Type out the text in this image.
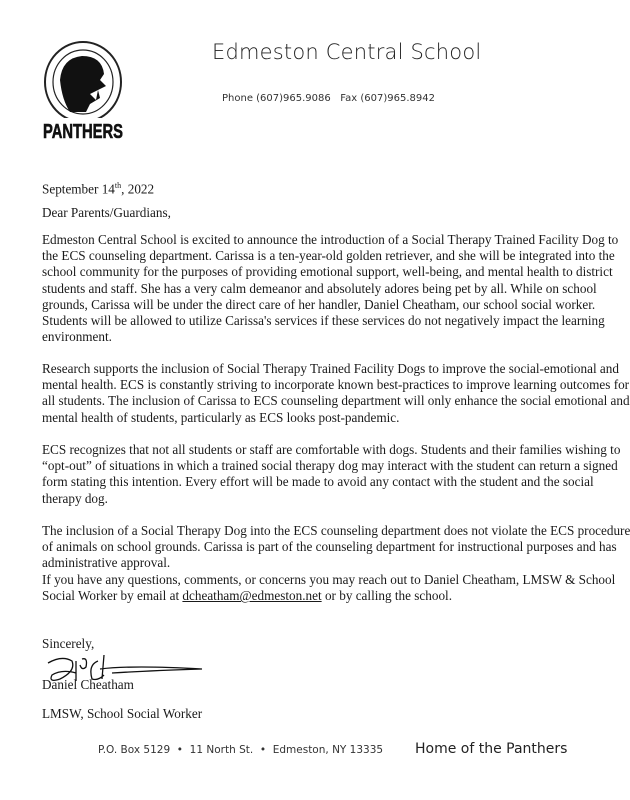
PANTHERS
Edmeston Central School
Phone (607)965.9086   Fax (607)965.8942
September 14th, 2022
Dear Parents/Guardians,
Edmeston Central School is excited to announce the introduction of a Social Therapy Trained Facility Dog to
the ECS counseling department. Carissa is a ten-year-old golden retriever, and she will be integrated into the
school community for the purposes of providing emotional support, well-being, and mental health to district
students and staff. She has a very calm demeanor and absolutely adores being pet by all. While on school
grounds, Carissa will be under the direct care of her handler, Daniel Cheatham, our school social worker.
Students will be allowed to utilize Carissa's services if these services do not negatively impact the learning
environment.
Research supports the inclusion of Social Therapy Trained Facility Dogs to improve the social-emotional and
mental health. ECS is constantly striving to incorporate known best-practices to improve learning outcomes for
all students. The inclusion of Carissa to ECS counseling department will only enhance the social emotional and
mental health of students, particularly as ECS looks post-pandemic.
ECS recognizes that not all students or staff are comfortable with dogs. Students and their families wishing to
“opt-out” of situations in which a trained social therapy dog may interact with the student can return a signed
form stating this intention. Every effort will be made to avoid any contact with the student and the social
therapy dog.
The inclusion of a Social Therapy Dog into the ECS counseling department does not violate the ECS procedure
of animals on school grounds. Carissa is part of the counseling department for instructional purposes and has
administrative approval.
If you have any questions, comments, or concerns you may reach out to Daniel Cheatham, LMSW & School
Social Worker by email at dcheatham@edmeston.net or by calling the school.
Sincerely,
Daniel Cheatham
LMSW, School Social Worker
P.O. Box 5129  •  11 North St.  •  Edmeston, NY 13335 Home of the Panthers
